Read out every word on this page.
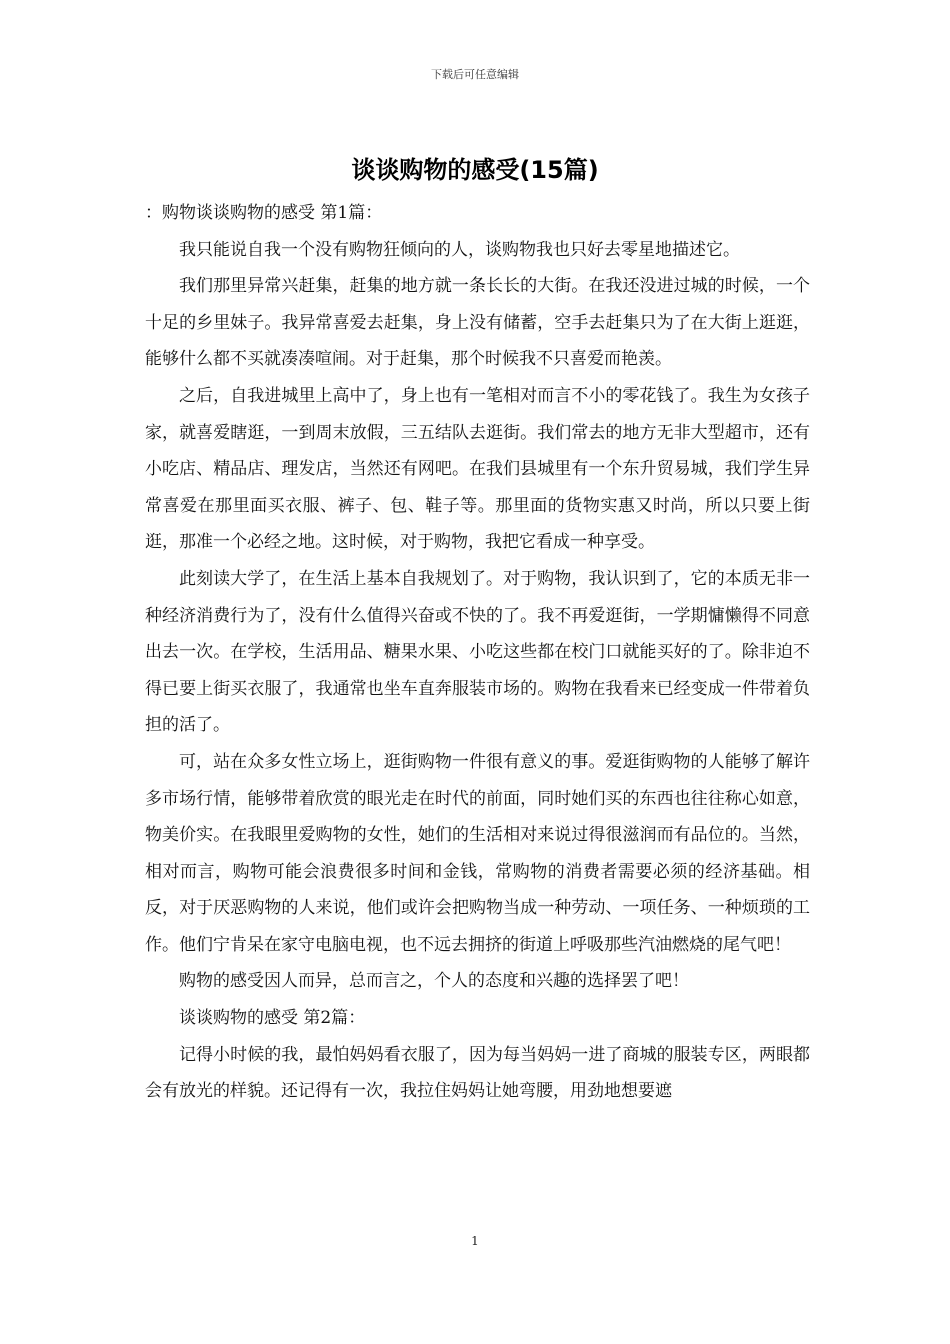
下载后可任意编辑
谈谈购物的感受(15篇)

：购物谈谈购物的感受 第1篇：

我只能说自我一个没有购物狂倾向的人，谈购物我也只好去零星地描述它。

我们那里异常兴赶集，赶集的地方就一条长长的大街。在我还没进过城的时候，一个十足的乡里妹子。我异常喜爱去赶集，身上没有储蓄，空手去赶集只为了在大街上逛逛，能够什么都不买就凑凑喧闹。对于赶集，那个时候我不只喜爱而艳羡。

之后，自我进城里上高中了，身上也有一笔相对而言不小的零花钱了。我生为女孩子家，就喜爱瞎逛，一到周末放假，三五结队去逛街。我们常去的地方无非大型超市，还有小吃店、精品店、理发店，当然还有网吧。在我们县城里有一个东升贸易城，我们学生异常喜爱在那里面买衣服、裤子、包、鞋子等。那里面的货物实惠又时尚，所以只要上街逛，那准一个必经之地。这时候，对于购物，我把它看成一种享受。

此刻读大学了，在生活上基本自我规划了。对于购物，我认识到了，它的本质无非一种经济消费行为了，没有什么值得兴奋或不快的了。我不再爱逛街，一学期慵懒得不同意出去一次。在学校，生活用品、糖果水果、小吃这些都在校门口就能买好的了。除非迫不得已要上街买衣服了，我通常也坐车直奔服装市场的。购物在我看来已经变成一件带着负担的活了。

可，站在众多女性立场上，逛街购物一件很有意义的事。爱逛街购物的人能够了解许多市场行情，能够带着欣赏的眼光走在时代的前面，同时她们买的东西也往往称心如意，物美价实。在我眼里爱购物的女性，她们的生活相对来说过得很滋润而有品位的。当然，相对而言，购物可能会浪费很多时间和金钱，常购物的消费者需要必须的经济基础。相反，对于厌恶购物的人来说，他们或许会把购物当成一种劳动、一项任务、一种烦琐的工作。他们宁肯呆在家守电脑电视，也不远去拥挤的街道上呼吸那些汽油燃烧的尾气吧！

购物的感受因人而异，总而言之，个人的态度和兴趣的选择罢了吧！

谈谈购物的感受 第2篇：

记得小时候的我，最怕妈妈看衣服了，因为每当妈妈一进了商城的服装专区，两眼都会有放光的样貌。还记得有一次，我拉住妈妈让她弯腰，用劲地想要遮

1
